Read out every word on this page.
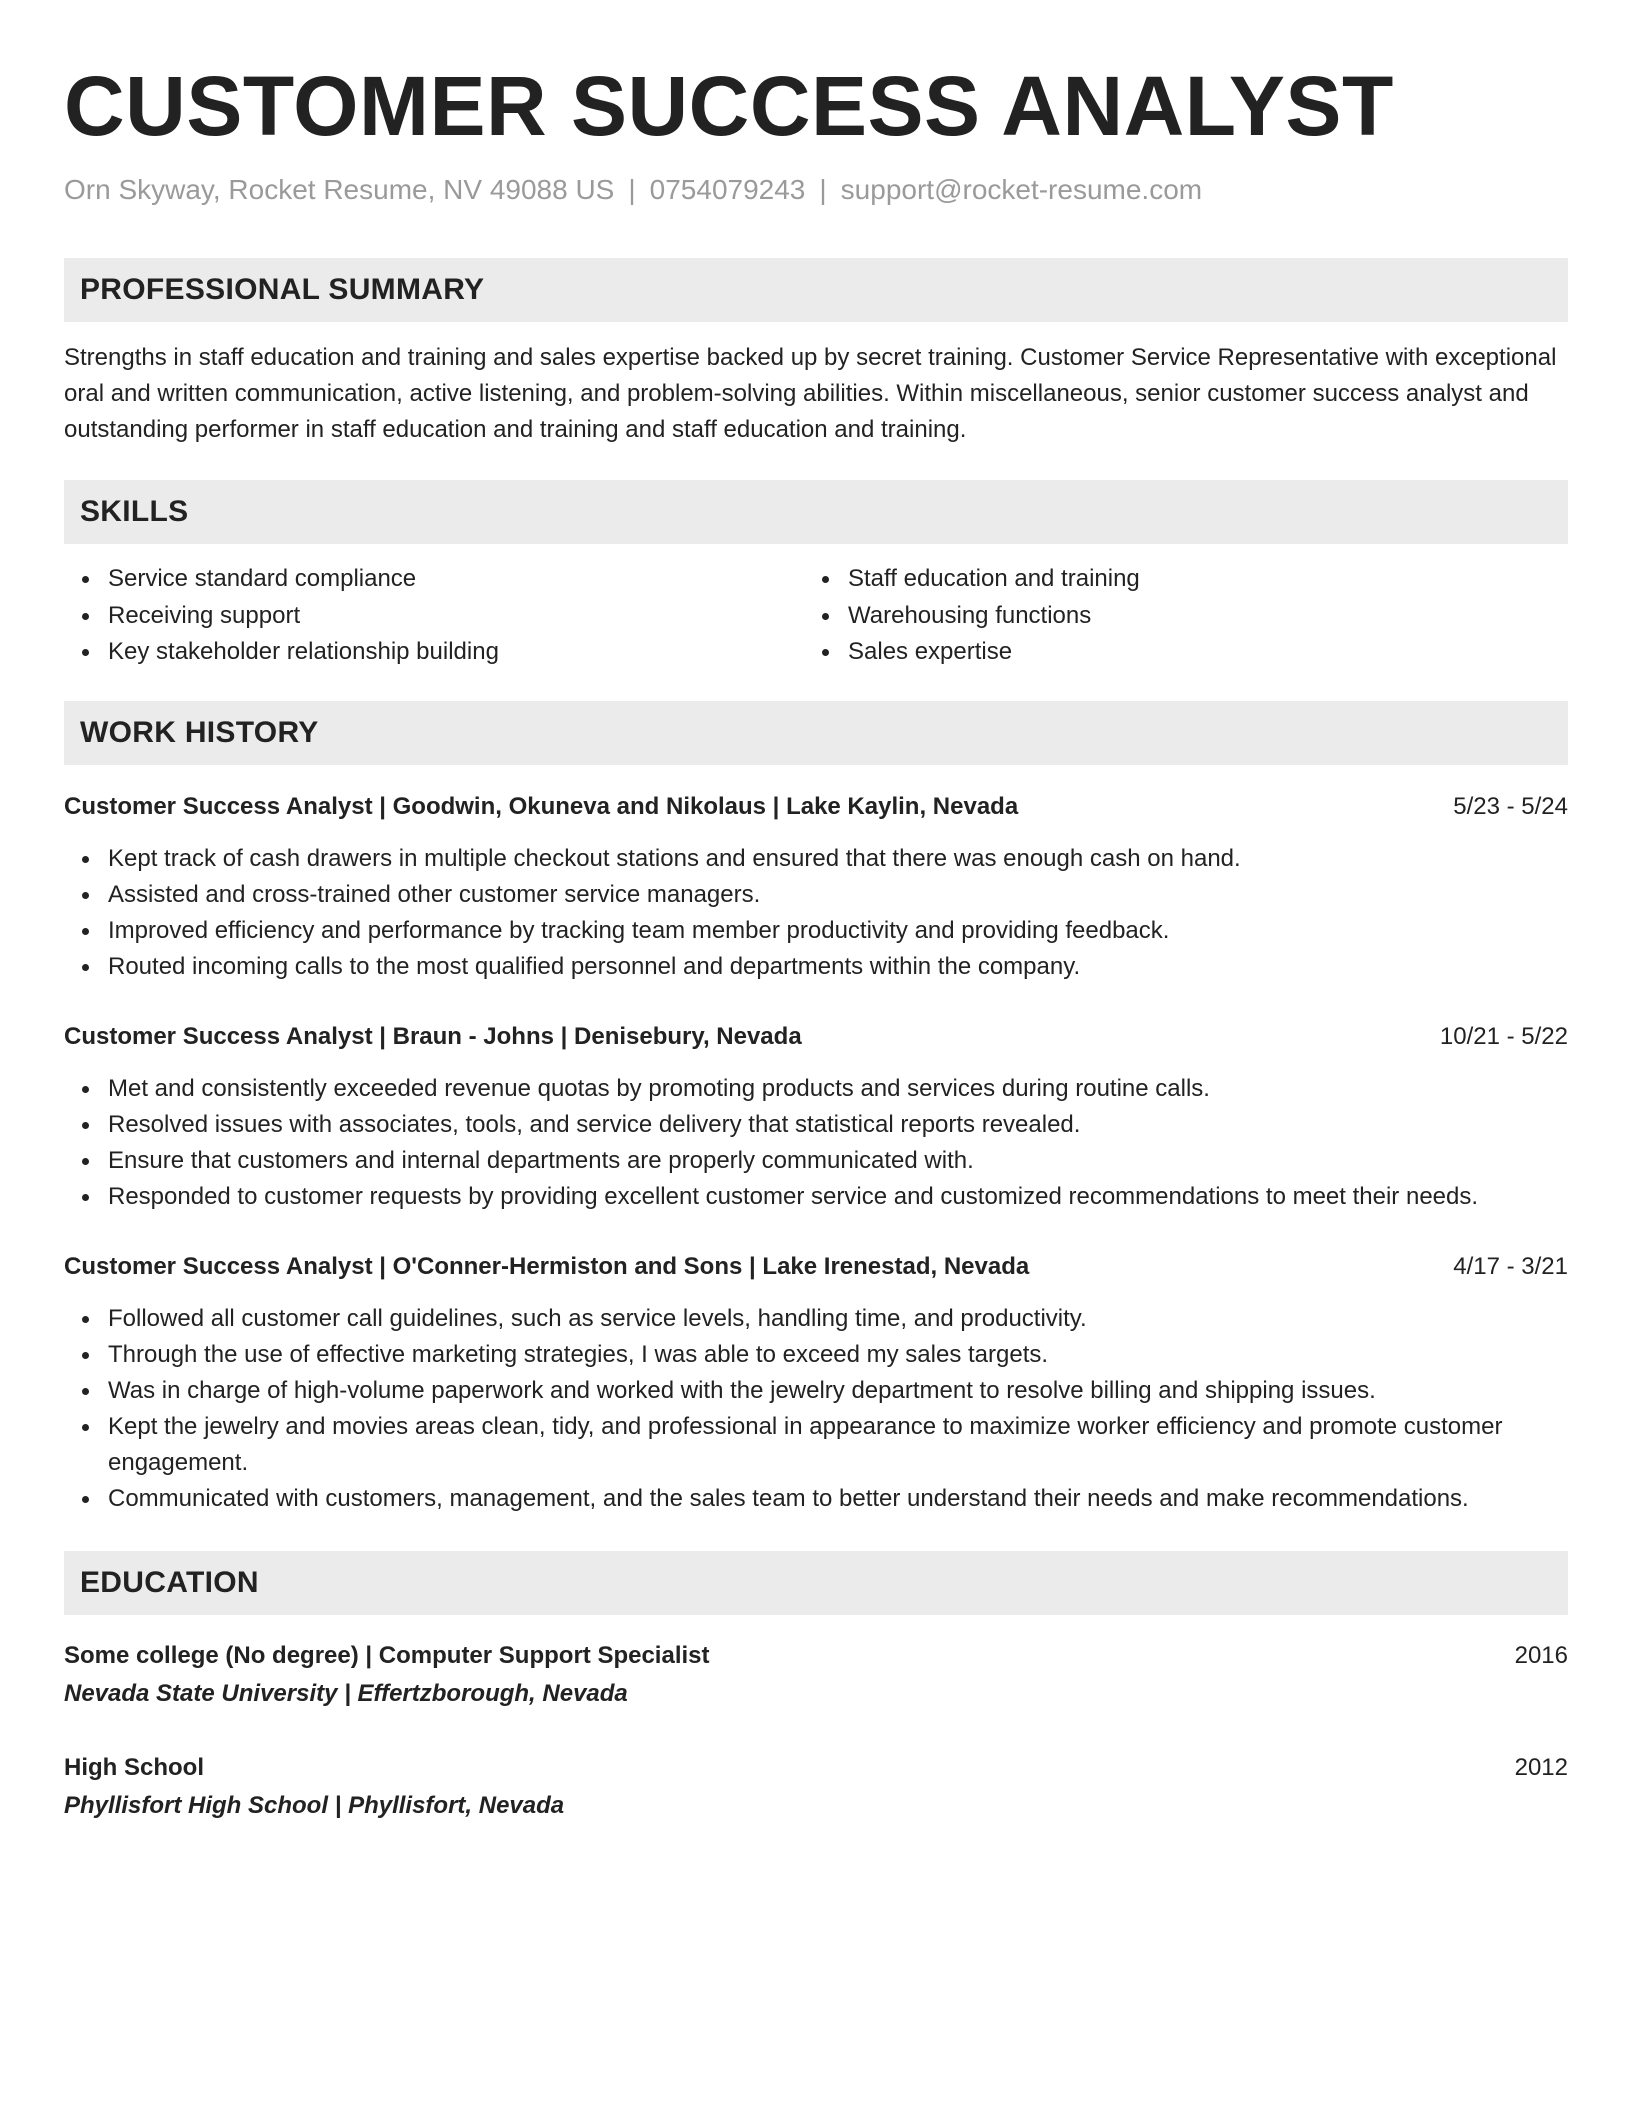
CUSTOMER SUCCESS ANALYST
Orn Skyway, Rocket Resume, NV 49088 US | 0754079243 | support@rocket-resume.com
PROFESSIONAL SUMMARY

Strengths in staff education and training and sales expertise backed up by secret training. Customer Service Representative with exceptional oral and written communication, active listening, and problem-solving abilities. Within miscellaneous, senior customer success analyst and outstanding performer in staff education and training and staff education and training.

SKILLS
Service standard compliance
Receiving support
Key stakeholder relationship building
Staff education and training
Warehousing functions
Sales expertise
WORK HISTORY
Customer Success Analyst | Goodwin, Okuneva and Nikolaus | Lake Kaylin, Nevada	5/23 - 5/24
Kept track of cash drawers in multiple checkout stations and ensured that there was enough cash on hand.
Assisted and cross-trained other customer service managers.
Improved efficiency and performance by tracking team member productivity and providing feedback.
Routed incoming calls to the most qualified personnel and departments within the company.
Customer Success Analyst | Braun - Johns | Denisebury, Nevada	10/21 - 5/22
Met and consistently exceeded revenue quotas by promoting products and services during routine calls.
Resolved issues with associates, tools, and service delivery that statistical reports revealed.
Ensure that customers and internal departments are properly communicated with.
Responded to customer requests by providing excellent customer service and customized recommendations to meet their needs.
Customer Success Analyst | O'Conner-Hermiston and Sons | Lake Irenestad, Nevada	4/17 - 3/21
Followed all customer call guidelines, such as service levels, handling time, and productivity.
Through the use of effective marketing strategies, I was able to exceed my sales targets.
Was in charge of high-volume paperwork and worked with the jewelry department to resolve billing and shipping issues.
Kept the jewelry and movies areas clean, tidy, and professional in appearance to maximize worker efficiency and promote customer engagement.
Communicated with customers, management, and the sales team to better understand their needs and make recommendations.
EDUCATION
Some college (No degree) | Computer Support Specialist	2016
Nevada State University | Effertzborough, Nevada
High School	2012
Phyllisfort High School | Phyllisfort, Nevada
